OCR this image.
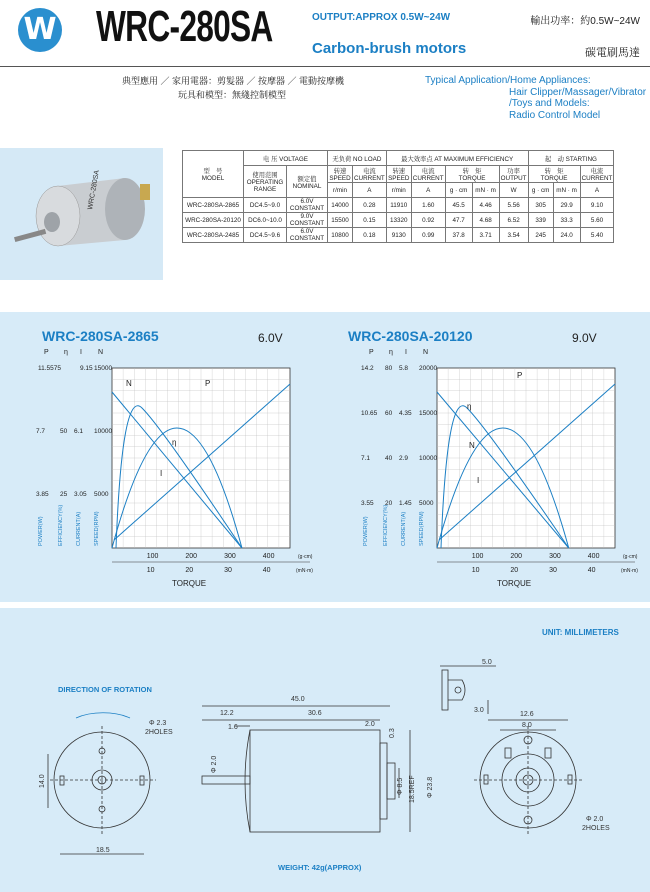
W WRC-280SA	OUTPUT:APPROX 0.5W~24W
Carbon-brush motors
輸出功率：約0.5W~24W
碳電刷馬達
典型應用 ／ 家用電器：剪髮器 ／ 按摩器 ／ 電動按摩機
玩具和模型：無綫控制模型
Typical Application/Home Appliances:
Hair Clipper/Massager/Vibrator
/Toys and Models:
Radio Control Model
WRC-280SA	型　号
MODEL	电 压 VOLTAGE		无负荷 NO LOAD		最大效率点 AT MAXIMUM EFFICIENCY					起　动 STARTING		
	使用范围
OPERATING
RANGE	额定值
NOMINAL	转速
SPEED	电流
CURRENT	转速
SPEED	电流
CURRENT	转　矩
TORQUE		功率
OUTPUT	转　矩
TORQUE		电流
CURRENT
			r/min	A	r/min	A	g · cm	mN · m	W	g · cm	mN · m	A
WRC-280SA-2865	DC4.5~9.0	6.0V CONSTANT	14000	0.28	11910	1.60	45.5	4.46	5.56	305	29.9	9.10
WRC-280SA-20120	DC6.0~10.0	9.0V CONSTANT	15500	0.15	13320	0.92	47.7	4.68	6.52	339	33.3	5.60
WRC-280SA-2485	DC4.5~9.6	6.0V CONSTANT	10800	0.18	9130	0.99	37.8	3.71	3.54	245	24.0	5.40
WRC-280SA-2865	6.0V	WRC-280SA-20120	9.0V
P η I N
11.5575	9.15 15000
7.7 50 6.1 10000
3.85 25 3.05 5000
100	200	300	400
10	20	30	40
(g·cm)
(mN·m)
TORQUE
POWER(W)	EFFICIENCY(%) CURRENT(A) SPEED(RPM)
N	P
η
I
P η I N
14.2 80 5.8 20000
10.65 60 4.35 15000
7.1 40 2.9 10000
3.55 20 1.45 5000
100	200	300	400
10	20	30	40
(g·cm)
(mN·m)
TORQUE
POWER(W)	EFFICIENCY(%) CURRENT(A) SPEED(RPM)
P
η
N
I
UNIT: MILLIMETERS
DIRECTION OF ROTATION
WEIGHT: 42g(APPROX)
Φ 2.3
2HOLES
18.5
14.0
45.0
12.2	30.6
1.6	2.0
Φ 2.0
0.3
Φ 8.5 18.5REF Φ 23.8
5.0
3.0
12.6
8.0
Φ 2.0
2HOLES
